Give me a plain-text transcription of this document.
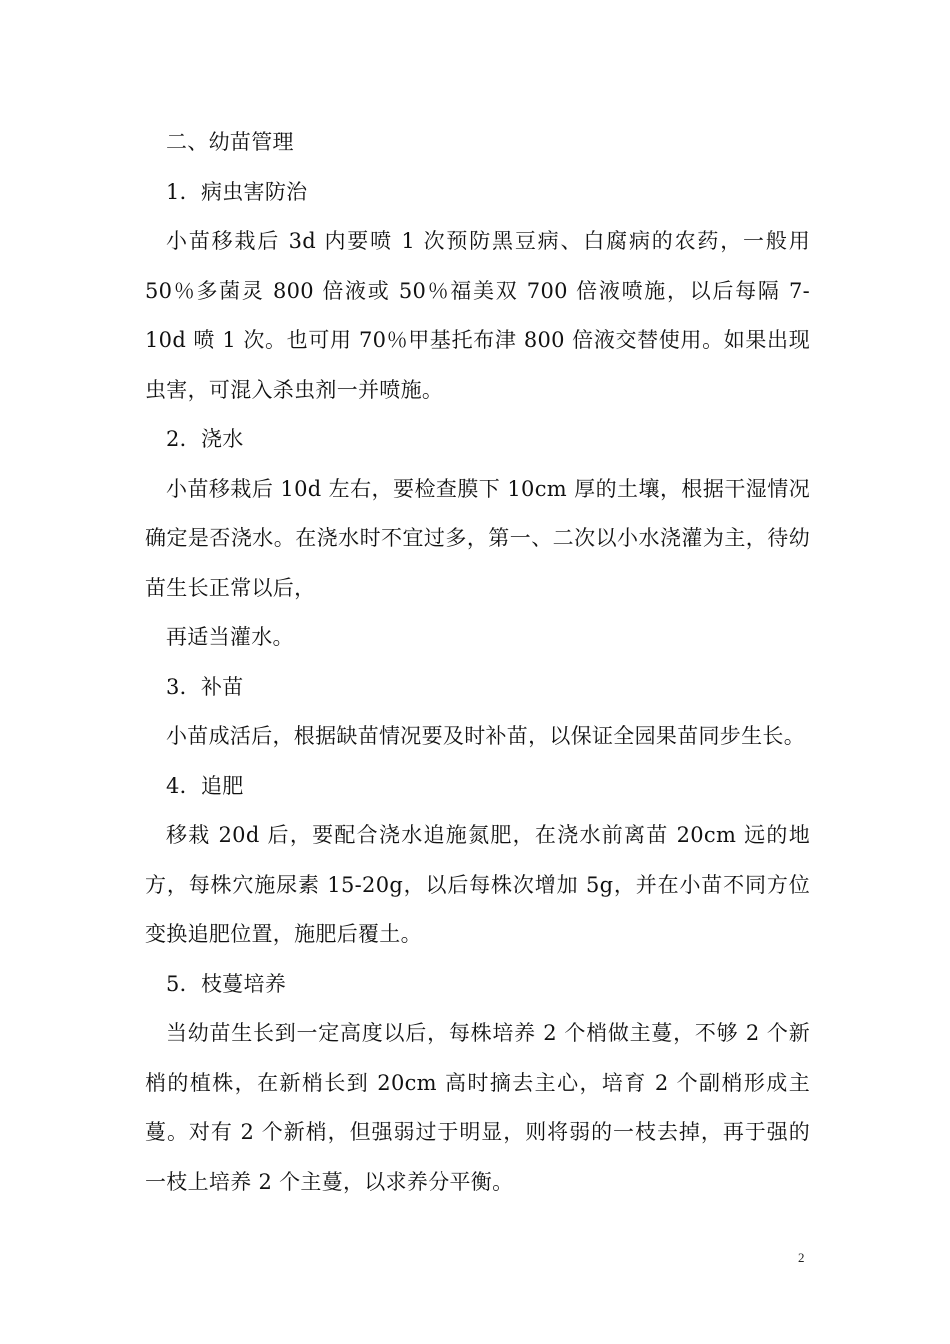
二、幼苗管理

1．病虫害防治

小苗移栽后 3d 内要喷 1 次预防黑豆病、白腐病的农药，一般用 50％多菌灵 800 倍液或 50％福美双 700 倍液喷施，以后每隔 7-10d 喷 1 次。也可用 70％甲基托布津 800 倍液交替使用。如果出现虫害，可混入杀虫剂一并喷施。

2．浇水

小苗移栽后 10d 左右，要检查膜下 10cm 厚的土壤，根据干湿情况确定是否浇水。在浇水时不宜过多，第一、二次以小水浇灌为主，待幼苗生长正常以后，

再适当灌水。

3．补苗

小苗成活后，根据缺苗情况要及时补苗，以保证全园果苗同步生长。

4．追肥

移栽 20d 后，要配合浇水追施氮肥，在浇水前离苗 20cm 远的地方，每株穴施尿素 15-20g，以后每株次增加 5g，并在小苗不同方位变换追肥位置，施肥后覆土。

5．枝蔓培养

当幼苗生长到一定高度以后，每株培养 2 个梢做主蔓，不够 2 个新梢的植株，在新梢长到 20cm 高时摘去主心，培育 2 个副梢形成主蔓。对有 2 个新梢，但强弱过于明显，则将弱的一枝去掉，再于强的一枝上培养 2 个主蔓，以求养分平衡。

2
